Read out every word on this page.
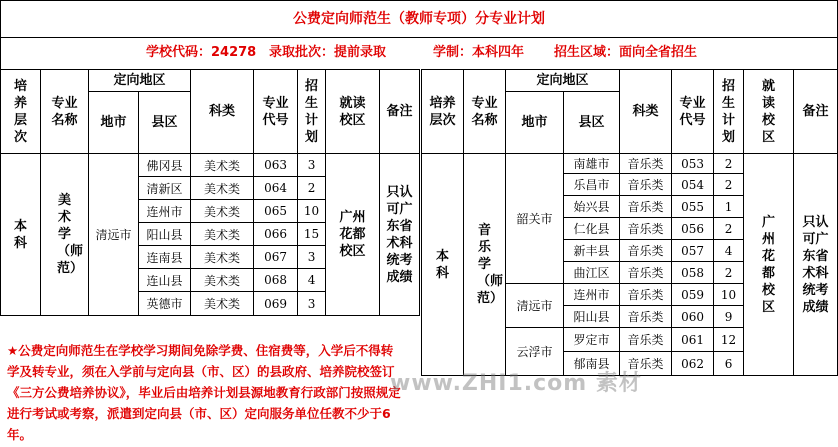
公费定向师范生（教师专项）分专业计划
学校代码：24278 录取批次：提前录取	学制：本科四年 招生区域：面向全省招生
培养层次	专业名称	定向地区		科类	专业代号	招生计划	就读校区	备注
		地市	县区					
本科	美术学（师范）	清远市	佛冈县	美术类	063	3	广州花都校区	只认可广东省术科统考成绩
			清新区	美术类	064	2		
			连州市	美术类	065	10		
			阳山县	美术类	066	15		
			连南县	美术类	067	3		
			连山县	美术类	068	4		
			英德市	美术类	069	3		
培养层次	专业名称	定向地区		科类	专业代号	招生计划	就读校区	备注
		地市	县区					
本科	音乐学（师范）	韶关市	南雄市	音乐类	053	2	广州花都校区	只认可广东省术科统考成绩
			乐昌市	音乐类	054	2		
			始兴县	音乐类	055	1		
			仁化县	音乐类	056	2		
			新丰县	音乐类	057	4		
			曲江区	音乐类	058	2		
		清远市	连州市	音乐类	059	10		
			阳山县	音乐类	060	9		
		云浮市	罗定市	音乐类	061	12		
			郁南县	音乐类	062	6		
★公费定向师范生在学校学习期间免除学费、住宿费等，入学后不得转学及转专业，须在入学前与定向县（市、区）的县政府、培养院校签订《三方公费培养协议》，毕业后由培养计划县源地教育行政部门按照规定进行考试或考察，派遣到定向县（市、区）定向服务单位任教不少于6年。
www.ZHI1.com 素材
